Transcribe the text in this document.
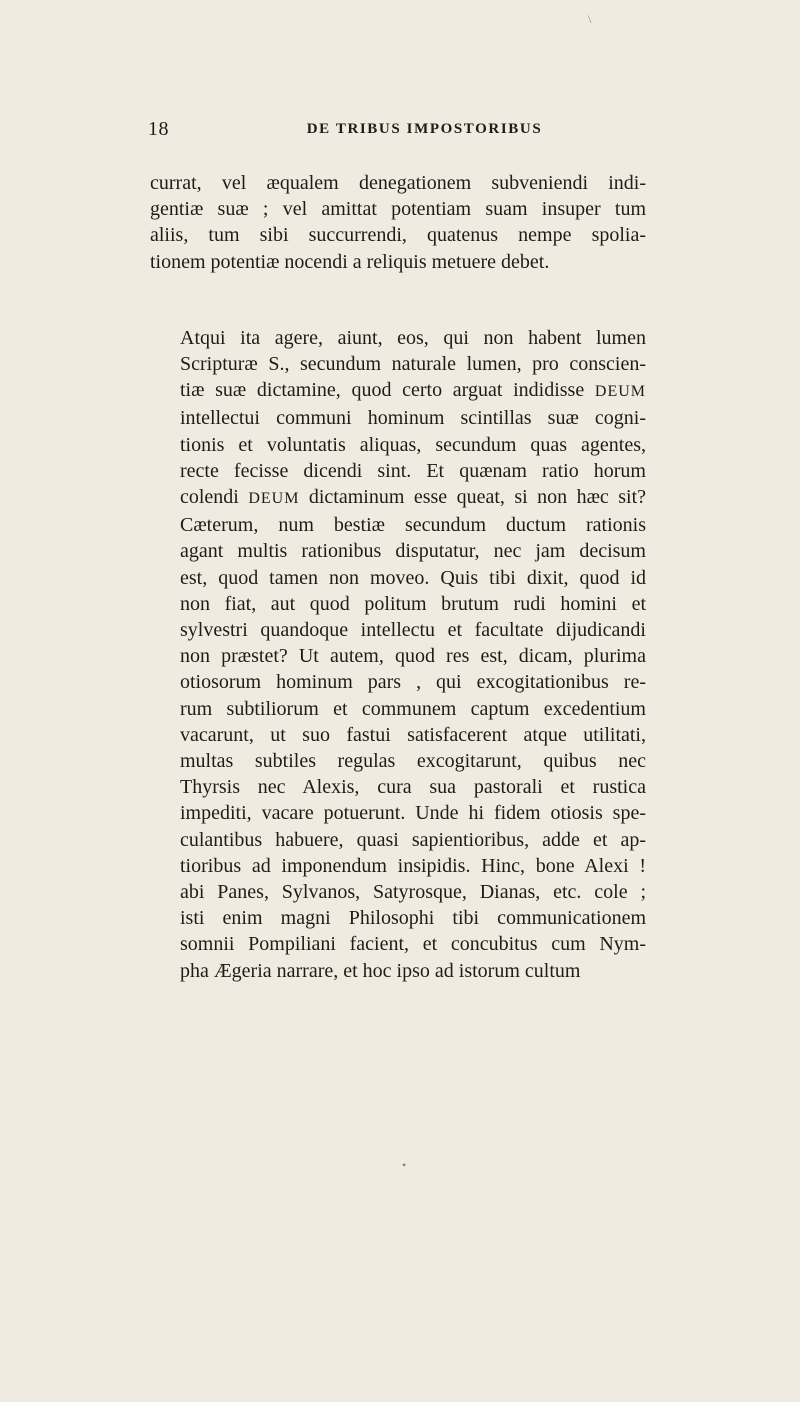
\
18	DE TRIBUS IMPOSTORIBUS

currat, vel æqualem denegationem subveniendi indi-
gentiæ suæ ; vel amittat potentiam suam insuper tum
aliis, tum sibi succurrendi, quatenus nempe spolia-
tionem potentiæ nocendi a reliquis metuere debet.

Atqui ita agere, aiunt, eos, qui non habent lumen
Scripturæ S., secundum naturale lumen, pro conscien-
tiæ suæ dictamine, quod certo arguat indidisse DEUM
intellectui communi hominum scintillas suæ cogni-
tionis et voluntatis aliquas, secundum quas agentes,
recte fecisse dicendi sint. Et quænam ratio horum
colendi DEUM dictaminum esse queat, si non hæc sit?
Cæterum, num bestiæ secundum ductum rationis
agant multis rationibus disputatur, nec jam decisum
est, quod tamen non moveo. Quis tibi dixit, quod id
non fiat, aut quod politum brutum rudi homini et
sylvestri quandoque intellectu et facultate dijudicandi
non præstet? Ut autem, quod res est, dicam, plurima
otiosorum hominum pars , qui excogitationibus re-
rum subtiliorum et communem captum excedentium
vacarunt, ut suo fastui satisfacerent atque utilitati,
multas subtiles regulas excogitarunt, quibus nec
Thyrsis nec Alexis, cura sua pastorali et rustica
impediti, vacare potuerunt. Unde hi fidem otiosis spe-
culantibus habuere, quasi sapientioribus, adde et ap-
tioribus ad imponendum insipidis. Hinc, bone Alexi !
abi Panes, Sylvanos, Satyrosque, Dianas, etc. cole ;
isti enim magni Philosophi tibi communicationem
somnii Pompiliani facient, et concubitus cum Nym-
pha Ægeria narrare, et hoc ipso ad istorum cultum

•
